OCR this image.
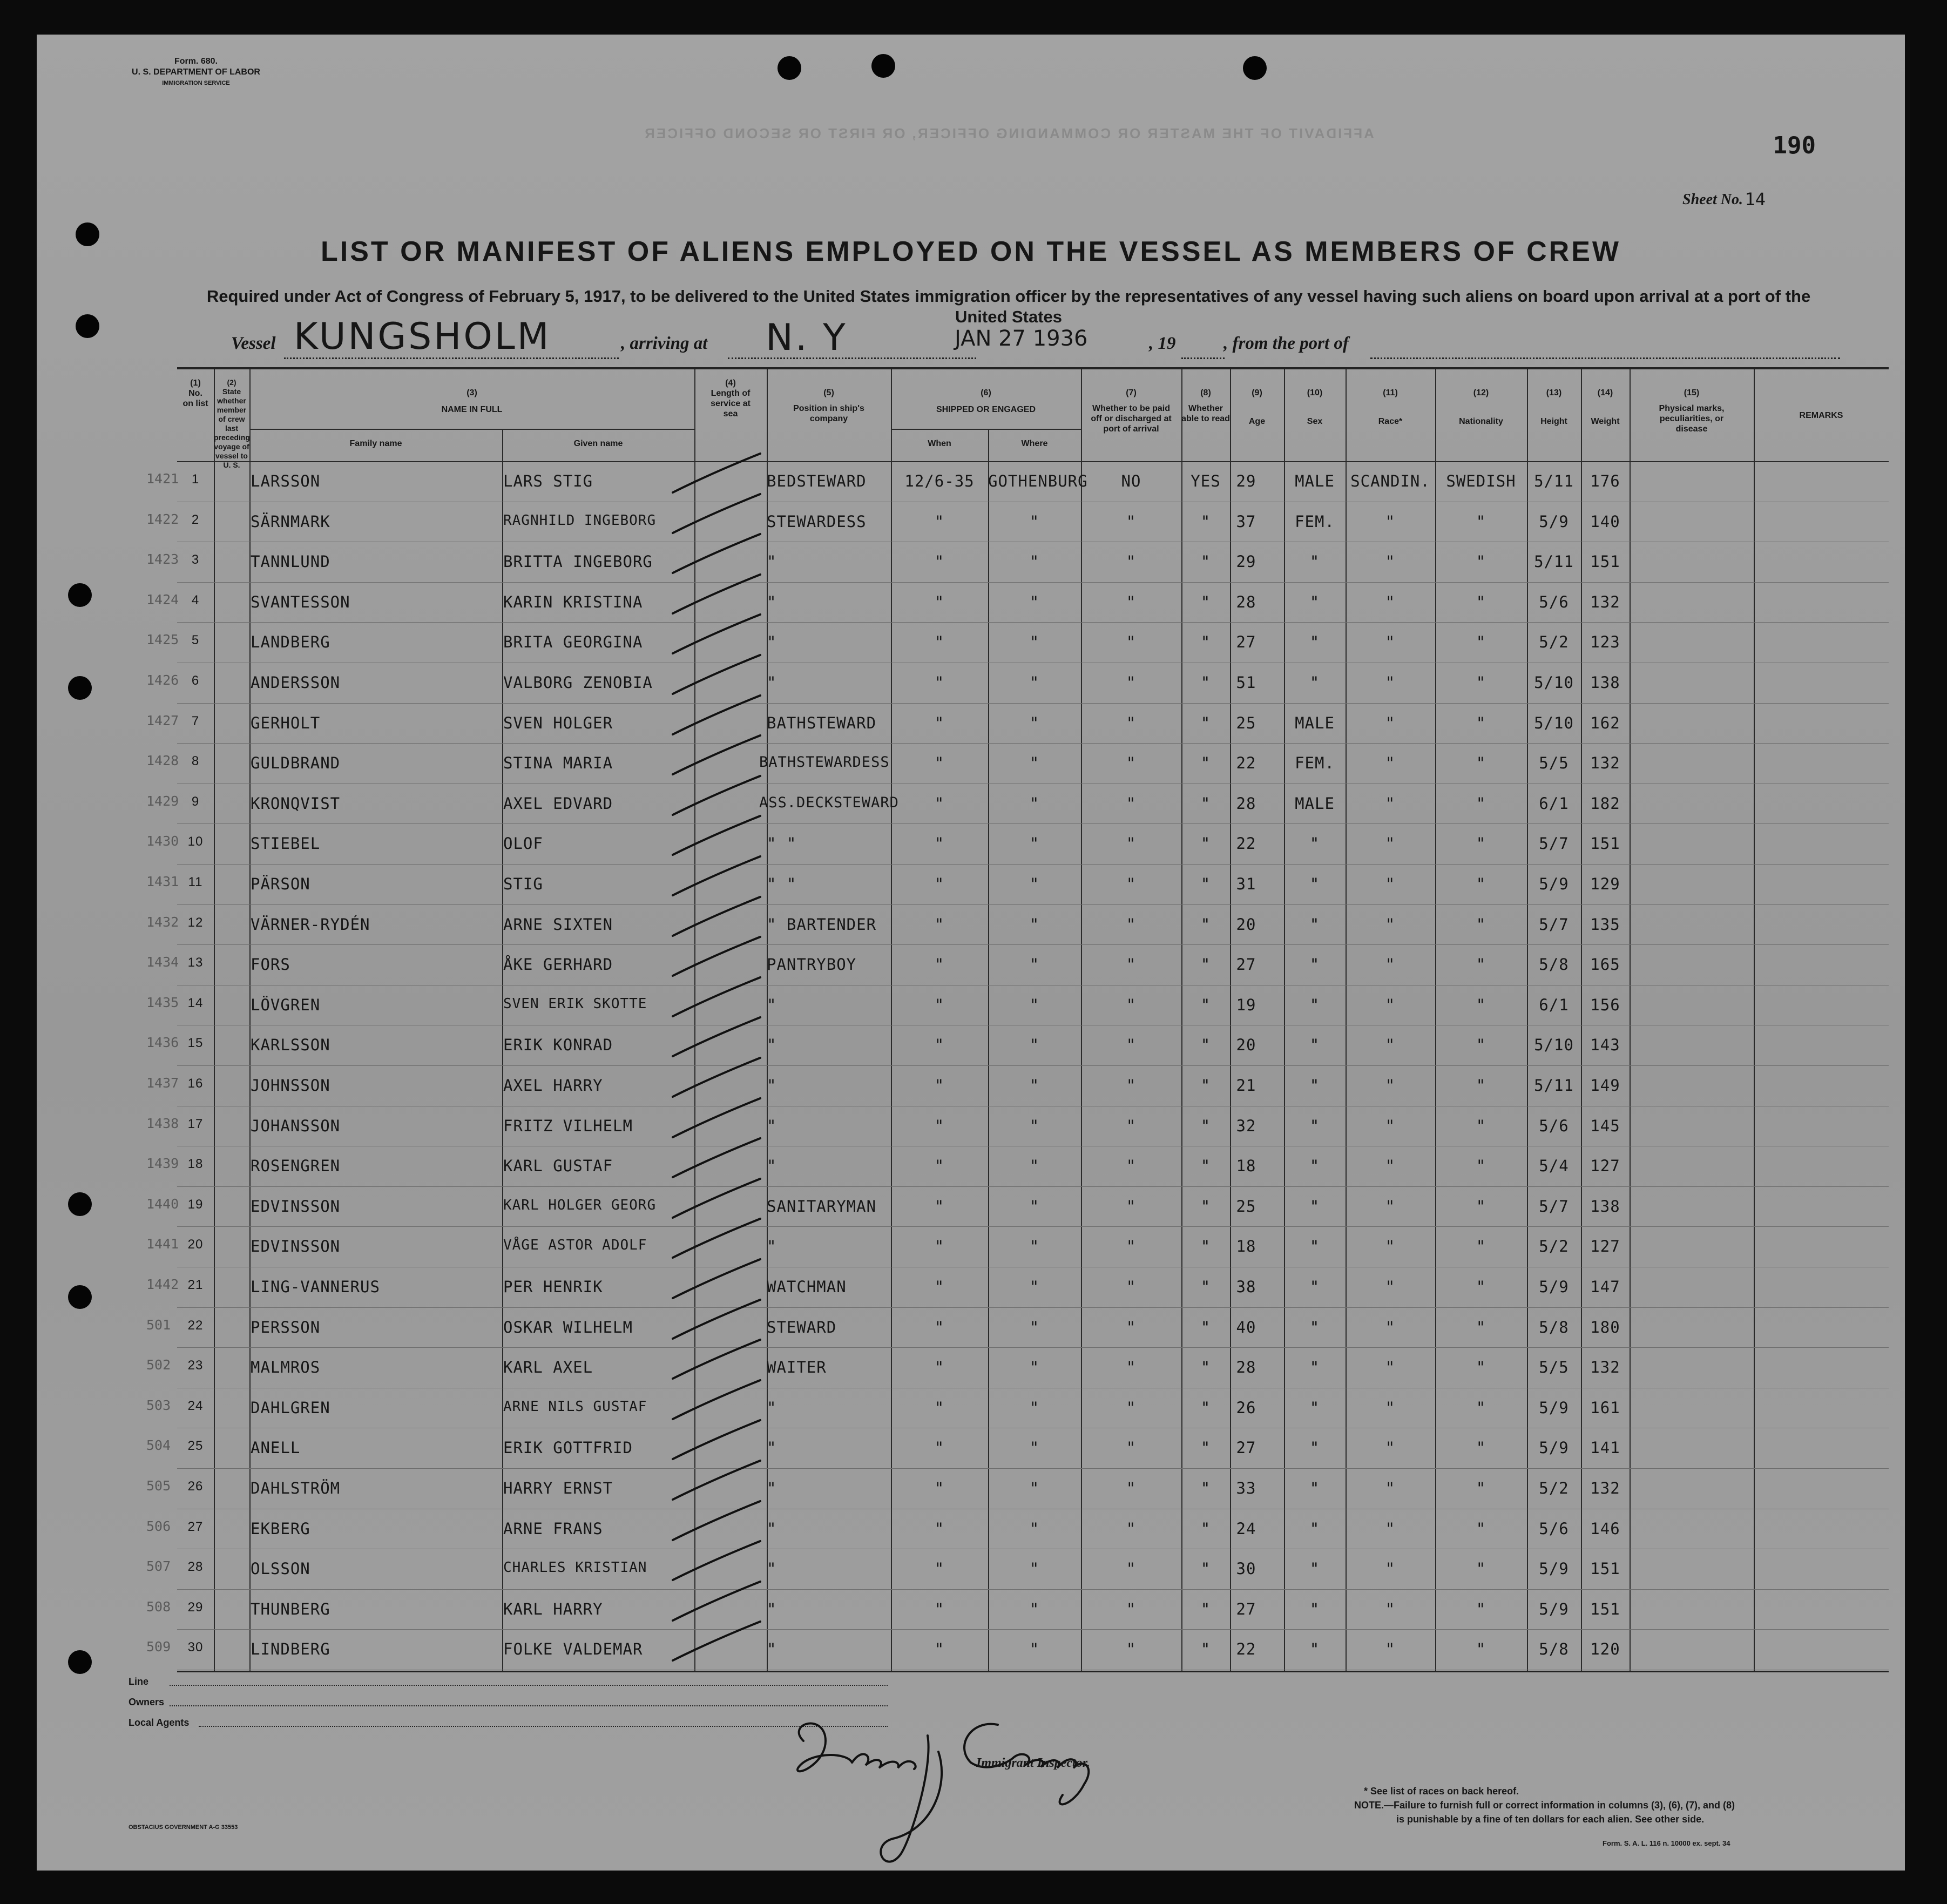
Form. 680.
U. S. DEPARTMENT OF LABOR
IMMIGRATION SERVICE
AFFIDAVIT OF THE MASTER OR COMMANDING OFFICER, OR FIRST OR SECOND OFFICER	190
Sheet No. 14
LIST OR MANIFEST OF ALIENS EMPLOYED ON THE VESSEL AS MEMBERS OF CREW
Required under Act of Congress of February 5, 1917, to be delivered to the United States immigration officer by the representatives of any vessel having such aliens on board upon arrival at a port of the United States
Vessel KUNGSHOLM	, arriving at N. Y	JAN 27 1936	, 19	, from the port of
(1)
No. on list
(2)
State whether member of crew last preceding voyage of vessel to U. S.
(3)
NAME IN FULL
Family name	Given name
(4)
Length of service at sea
(5)
Position in ship's company
(6)
SHIPPED OR ENGAGED
When	Where
(7)
Whether to be paid off or discharged at port of arrival
(8)
Whether able to read
(9)
Age
(10)
Sex
(11)
Race*
(12)
Nationality
(13)
Height
(14)
Weight
(15)
Physical marks, peculiarities, or disease
REMARKS
1421 1	LARSSON	LARS STIG	BEDSTEWARD	12/6-35 GOTHENBURG	NO	YES 29	MALE	SCANDIN.	SWEDISH	5/11	176
1422 2	SÄRNMARK	RAGNHILD INGEBORG	STEWARDESS	"	"	"	"	37	FEM.	"	"	5/9	140
1423 3	TANNLUND	BRITTA INGEBORG	"	"	"	"	"	29	"	"	"	5/11	151
1424 4	SVANTESSON	KARIN KRISTINA	"	"	"	"	"	28	"	"	"	5/6	132
1425 5	LANDBERG	BRITA GEORGINA	"	"	"	"	"	27	"	"	"	5/2	123
1426 6	ANDERSSON	VALBORG ZENOBIA	"	"	"	"	"	51	"	"	"	5/10	138
1427 7	GERHOLT	SVEN HOLGER	BATHSTEWARD	"	"	"	"	25	MALE	"	"	5/10	162
1428 8	GULDBRAND	STINA MARIA	BATHSTEWARDESS	"	"	"	"	22	FEM.	"	"	5/5	132
1429 9	KRONQVIST	AXEL EDVARD	ASS.DECKSTEWARD	"	"	"	"	28	MALE	"	"	6/1	182
1430 10	STIEBEL	OLOF	" "	"	"	"	"	22	"	"	"	5/7	151
1431 11	PÄRSON	STIG	" "	"	"	"	"	31	"	"	"	5/9	129
1432 12	VÄRNER-RYDÉN	ARNE SIXTEN	" BARTENDER	"	"	"	"	20	"	"	"	5/7	135
1434 13	FORS	ÅKE GERHARD	PANTRYBOY	"	"	"	"	27	"	"	"	5/8	165
1435 14	LÖVGREN	SVEN ERIK SKOTTE	"	"	"	"	"	19	"	"	"	6/1	156
1436 15	KARLSSON	ERIK KONRAD	"	"	"	"	"	20	"	"	"	5/10	143
1437 16	JOHNSSON	AXEL HARRY	"	"	"	"	"	21	"	"	"	5/11	149
1438 17	JOHANSSON	FRITZ VILHELM	"	"	"	"	"	32	"	"	"	5/6	145
1439 18	ROSENGREN	KARL GUSTAF	"	"	"	"	"	18	"	"	"	5/4	127
1440 19	EDVINSSON	KARL HOLGER GEORG	SANITARYMAN	"	"	"	"	25	"	"	"	5/7	138
1441 20	EDVINSSON	VÅGE ASTOR ADOLF	"	"	"	"	"	18	"	"	"	5/2	127
1442 21	LING-VANNERUS	PER HENRIK	WATCHMAN	"	"	"	"	38	"	"	"	5/9	147
501	22	PERSSON	OSKAR WILHELM	STEWARD	"	"	"	"	40	"	"	"	5/8	180
502	23	MALMROS	KARL AXEL	WAITER	"	"	"	"	28	"	"	"	5/5	132
503	24	DAHLGREN	ARNE NILS GUSTAF	"	"	"	"	"	26	"	"	"	5/9	161
504	25	ANELL	ERIK GOTTFRID	"	"	"	"	"	27	"	"	"	5/9	141
505	26	DAHLSTRÖM	HARRY ERNST	"	"	"	"	"	33	"	"	"	5/2	132
506	27	EKBERG	ARNE FRANS	"	"	"	"	"	24	"	"	"	5/6	146
507	28	OLSSON	CHARLES KRISTIAN	"	"	"	"	"	30	"	"	"	5/9	151
508	29	THUNBERG	KARL HARRY	"	"	"	"	"	27	"	"	"	5/9	151
509	30	LINDBERG	FOLKE VALDEMAR	"	"	"	"	"	22	"	"	"	5/8	120
Line
Owners
Local Agents
Immigrant Inspector.
* See list of races on back hereof.
NOTE.—Failure to furnish full or correct information in columns (3), (6), (7), and (8)
is punishable by a fine of ten dollars for each alien. See other side.
OBSTACIUS GOVERNMENT A-G 33553
Form. S. A. L. 116 n. 10000 ex. sept. 34
